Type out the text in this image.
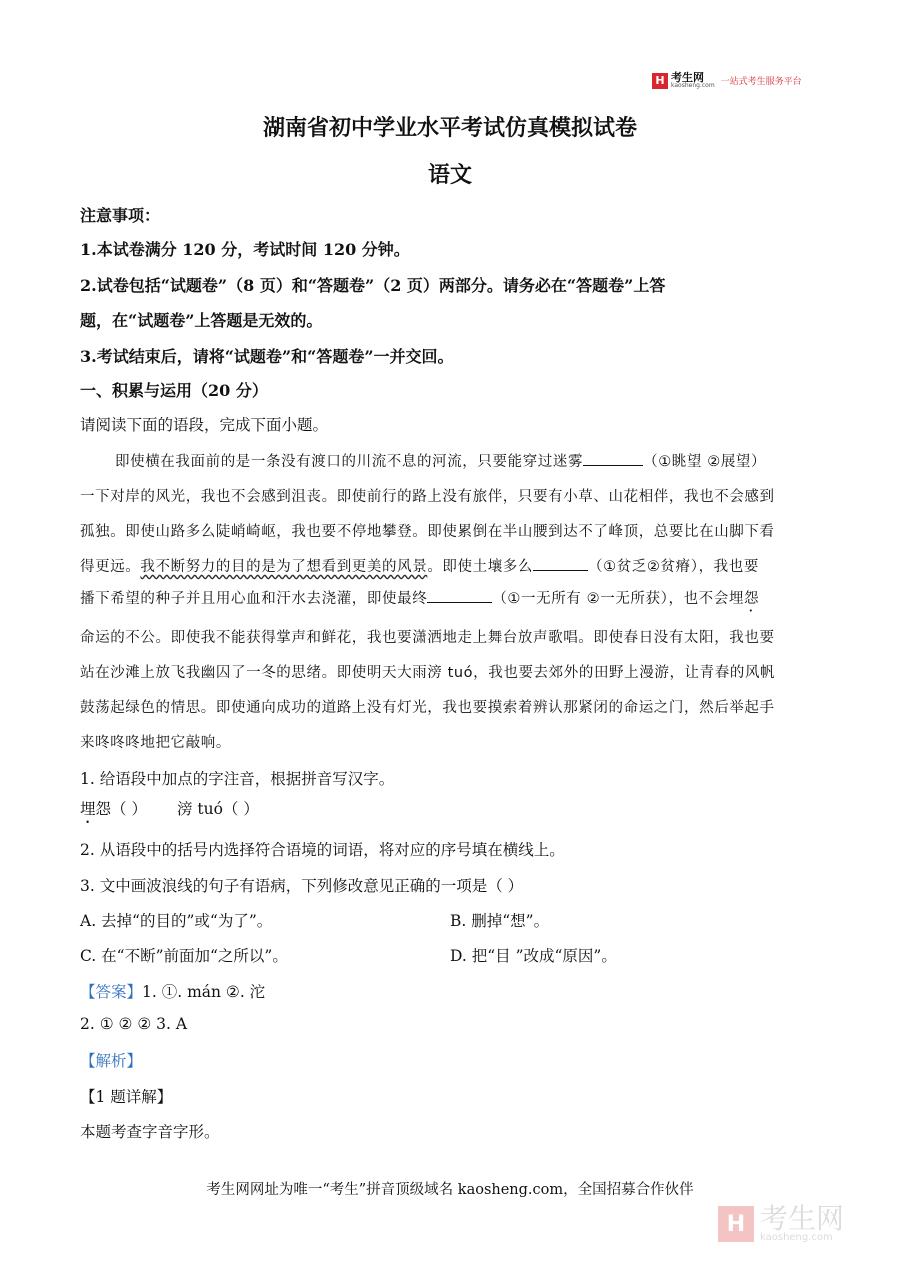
H 考生网
kaosheng.com 一站式考生服务平台
湖南省初中学业水平考试仿真模拟试卷
语文
注意事项：
1.本试卷满分 120 分，考试时间 120 分钟。
2.试卷包括“试题卷”（8 页）和“答题卷”（2 页）两部分。请务必在“答题卷”上答
题，在“试题卷”上答题是无效的。
3.考试结束后，请将“试题卷”和“答题卷”一并交回。
一、积累与运用（20 分）
请阅读下面的语段，完成下面小题。
即使横在我面前的是一条没有渡口的川流不息的河流，只要能穿过迷雾	（①眺望 ②展望）
一下对岸的风光，我也不会感到沮丧。即使前行的路上没有旅伴，只要有小草、山花相伴，我也不会感到
孤独。即使山路多么陡峭崎岖，我也要不停地攀登。即使累倒在半山腰到达不了峰顶，总要比在山脚下看
得更远。我不断努力的目的是为了想看到更美的风景。即使土壤多么	（①贫乏②贫瘠），我也要
播下希望的种子并且用心血和汗水去浇灌，即使最终	（①一无所有 ②一无所获），也不会埋怨
命运的不公。即使我不能获得掌声和鲜花，我也要潇洒地走上舞台放声歌唱。即使春日没有太阳，我也要
站在沙滩上放飞我幽囚了一冬的思绪。即使明天大雨滂 tuó，我也要去郊外的田野上漫游，让青春的风帆
鼓荡起绿色的情思。即使通向成功的道路上没有灯光，我也要摸索着辨认那紧闭的命运之门，然后举起手
来咚咚咚地把它敲响。
1. 给语段中加点的字注音，根据拼音写汉字。
埋怨（ ） 滂 tuó（ ）
2. 从语段中的括号内选择符合语境的词语，将对应的序号填在横线上。
3. 文中画波浪线的句子有语病，下列修改意见正确的一项是（ ）
A. 去掉“的目的”或“为了”。	B. 删掉“想”。
C. 在“不断”前面加“之所以”。	D. 把“目 ”改成“原因”。
【答案】1. ①. mán ②. 沱
2. ① ② ② 3. A
【解析】
【1 题详解】
本题考查字音字形。
考生网网址为唯一“考生”拼音顶级域名 kaosheng.com，全国招募合作伙伴
H 考生网
kaosheng.com
